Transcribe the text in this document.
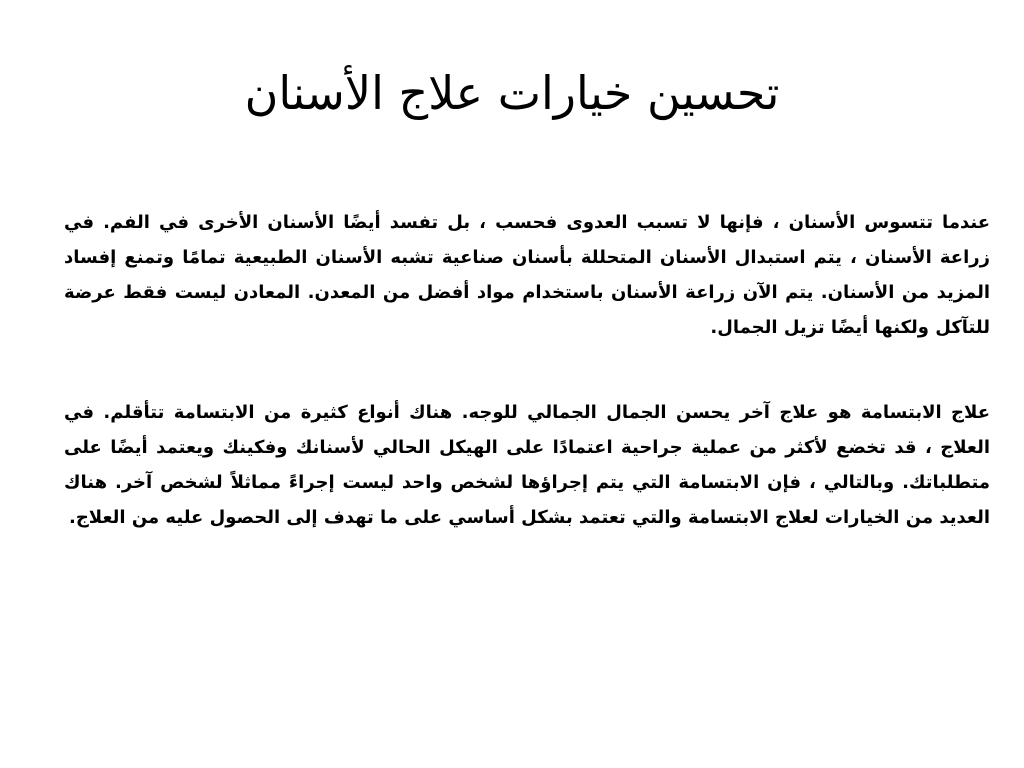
تحسين خيارات علاج الأسنان

عندما تتسوس الأسنان ، فإنها لا تسبب العدوى فحسب ، بل تفسد أيضًا الأسنان الأخرى في الفم. في زراعة الأسنان ، يتم استبدال الأسنان المتحللة بأسنان صناعية تشبه الأسنان الطبيعية تمامًا وتمنع إفساد المزيد من الأسنان. يتم الآن زراعة الأسنان باستخدام مواد أفضل من المعدن. المعادن ليست فقط عرضة للتآكل ولكنها أيضًا تزيل الجمال.

علاج الابتسامة هو علاج آخر يحسن الجمال الجمالي للوجه. هناك أنواع كثيرة من الابتسامة تتأقلم. في العلاج ، قد تخضع لأكثر من عملية جراحية اعتمادًا على الهيكل الحالي لأسنانك وفكينك ويعتمد أيضًا على متطلباتك. وبالتالي ، فإن الابتسامة التي يتم إجراؤها لشخص واحد ليست إجراءً مماثلاً لشخص آخر. هناك العديد من الخيارات لعلاج الابتسامة والتي تعتمد بشكل أساسي على ما تهدف إلى الحصول عليه من العلاج.
